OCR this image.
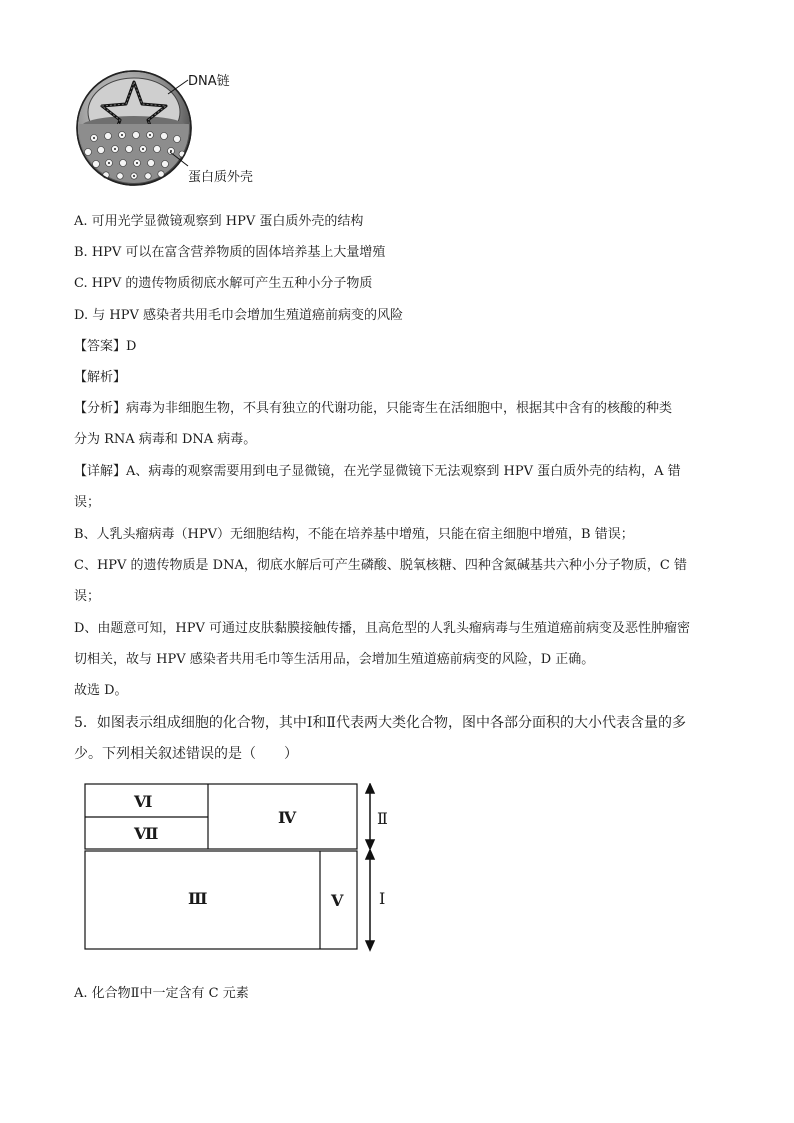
DNA链
蛋白质外壳
A. 可用光学显微镜观察到 HPV 蛋白质外壳的结构
B. HPV 可以在富含营养物质的固体培养基上大量增殖
C. HPV 的遗传物质彻底水解可产生五种小分子物质
D. 与 HPV 感染者共用毛巾会增加生殖道癌前病变的风险
【答案】D
【解析】
【分析】病毒为非细胞生物，不具有独立的代谢功能，只能寄生在活细胞中，根据其中含有的核酸的种类
分为 RNA 病毒和 DNA 病毒。
【详解】A、病毒的观察需要用到电子显微镜，在光学显微镜下无法观察到 HPV 蛋白质外壳的结构，A 错
误；
B、人乳头瘤病毒（HPV）无细胞结构，不能在培养基中增殖，只能在宿主细胞中增殖，B 错误；
C、HPV 的遗传物质是 DNA，彻底水解后可产生磷酸、脱氧核糖、四种含氮碱基共六种小分子物质，C 错
误；
D、由题意可知，HPV 可通过皮肤黏膜接触传播，且高危型的人乳头瘤病毒与生殖道癌前病变及恶性肿瘤密
切相关，故与 HPV 感染者共用毛巾等生活用品，会增加生殖道癌前病变的风险，D 正确。
故选 D。
5．如图表示组成细胞的化合物，其中Ⅰ和Ⅱ代表两大类化合物，图中各部分面积的大小代表含量的多
少。下列相关叙述错误的是（　　）
Ⅵ
Ⅶ
Ⅳ
Ⅲ	Ⅴ
Ⅱ
Ⅰ
A. 化合物Ⅱ中一定含有 C 元素
